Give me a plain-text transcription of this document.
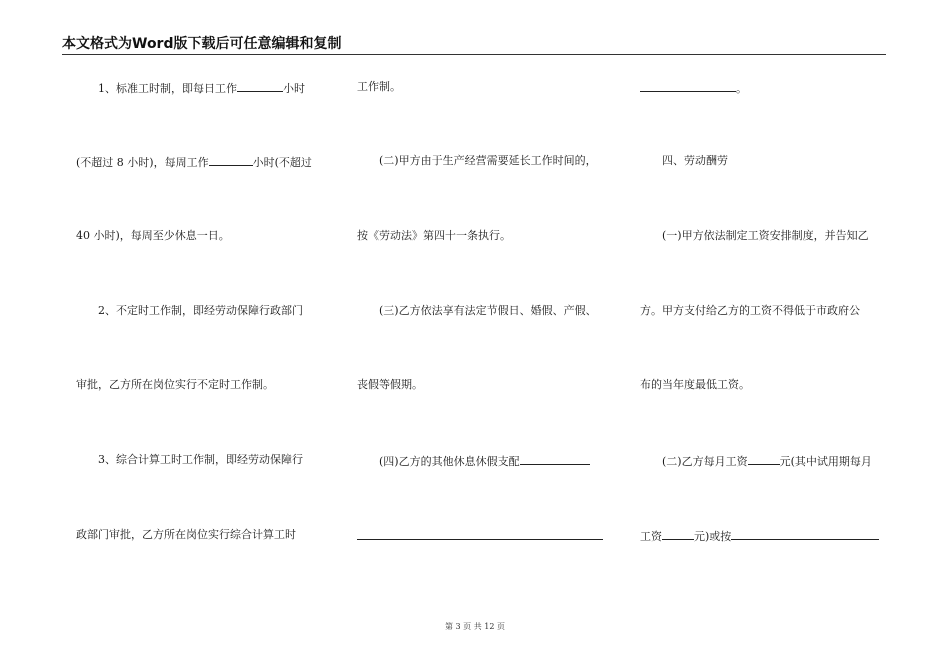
本文格式为Word版下载后可任意编辑和复制
1、标准工时制，即每日工作	小时
(不超过 8 小时)，每周工作	小时(不超过
40 小时)，每周至少休息一日。
2、不定时工作制，即经劳动保障行政部门
审批，乙方所在岗位实行不定时工作制。
3、综合计算工时工作制，即经劳动保障行
政部门审批，乙方所在岗位实行综合计算工时
工作制。
(二)甲方由于生产经营需要延长工作时间的，
按《劳动法》第四十一条执行。
(三)乙方依法享有法定节假日、婚假、产假、
丧假等假期。
(四)乙方的其他休息休假支配
。
四、劳动酬劳
(一)甲方依法制定工资安排制度，并告知乙
方。甲方支付给乙方的工资不得低于市政府公
布的当年度最低工资。
(二)乙方每月工资	元(其中试用期每月
工资	元)或按
第 3 页 共 12 页
